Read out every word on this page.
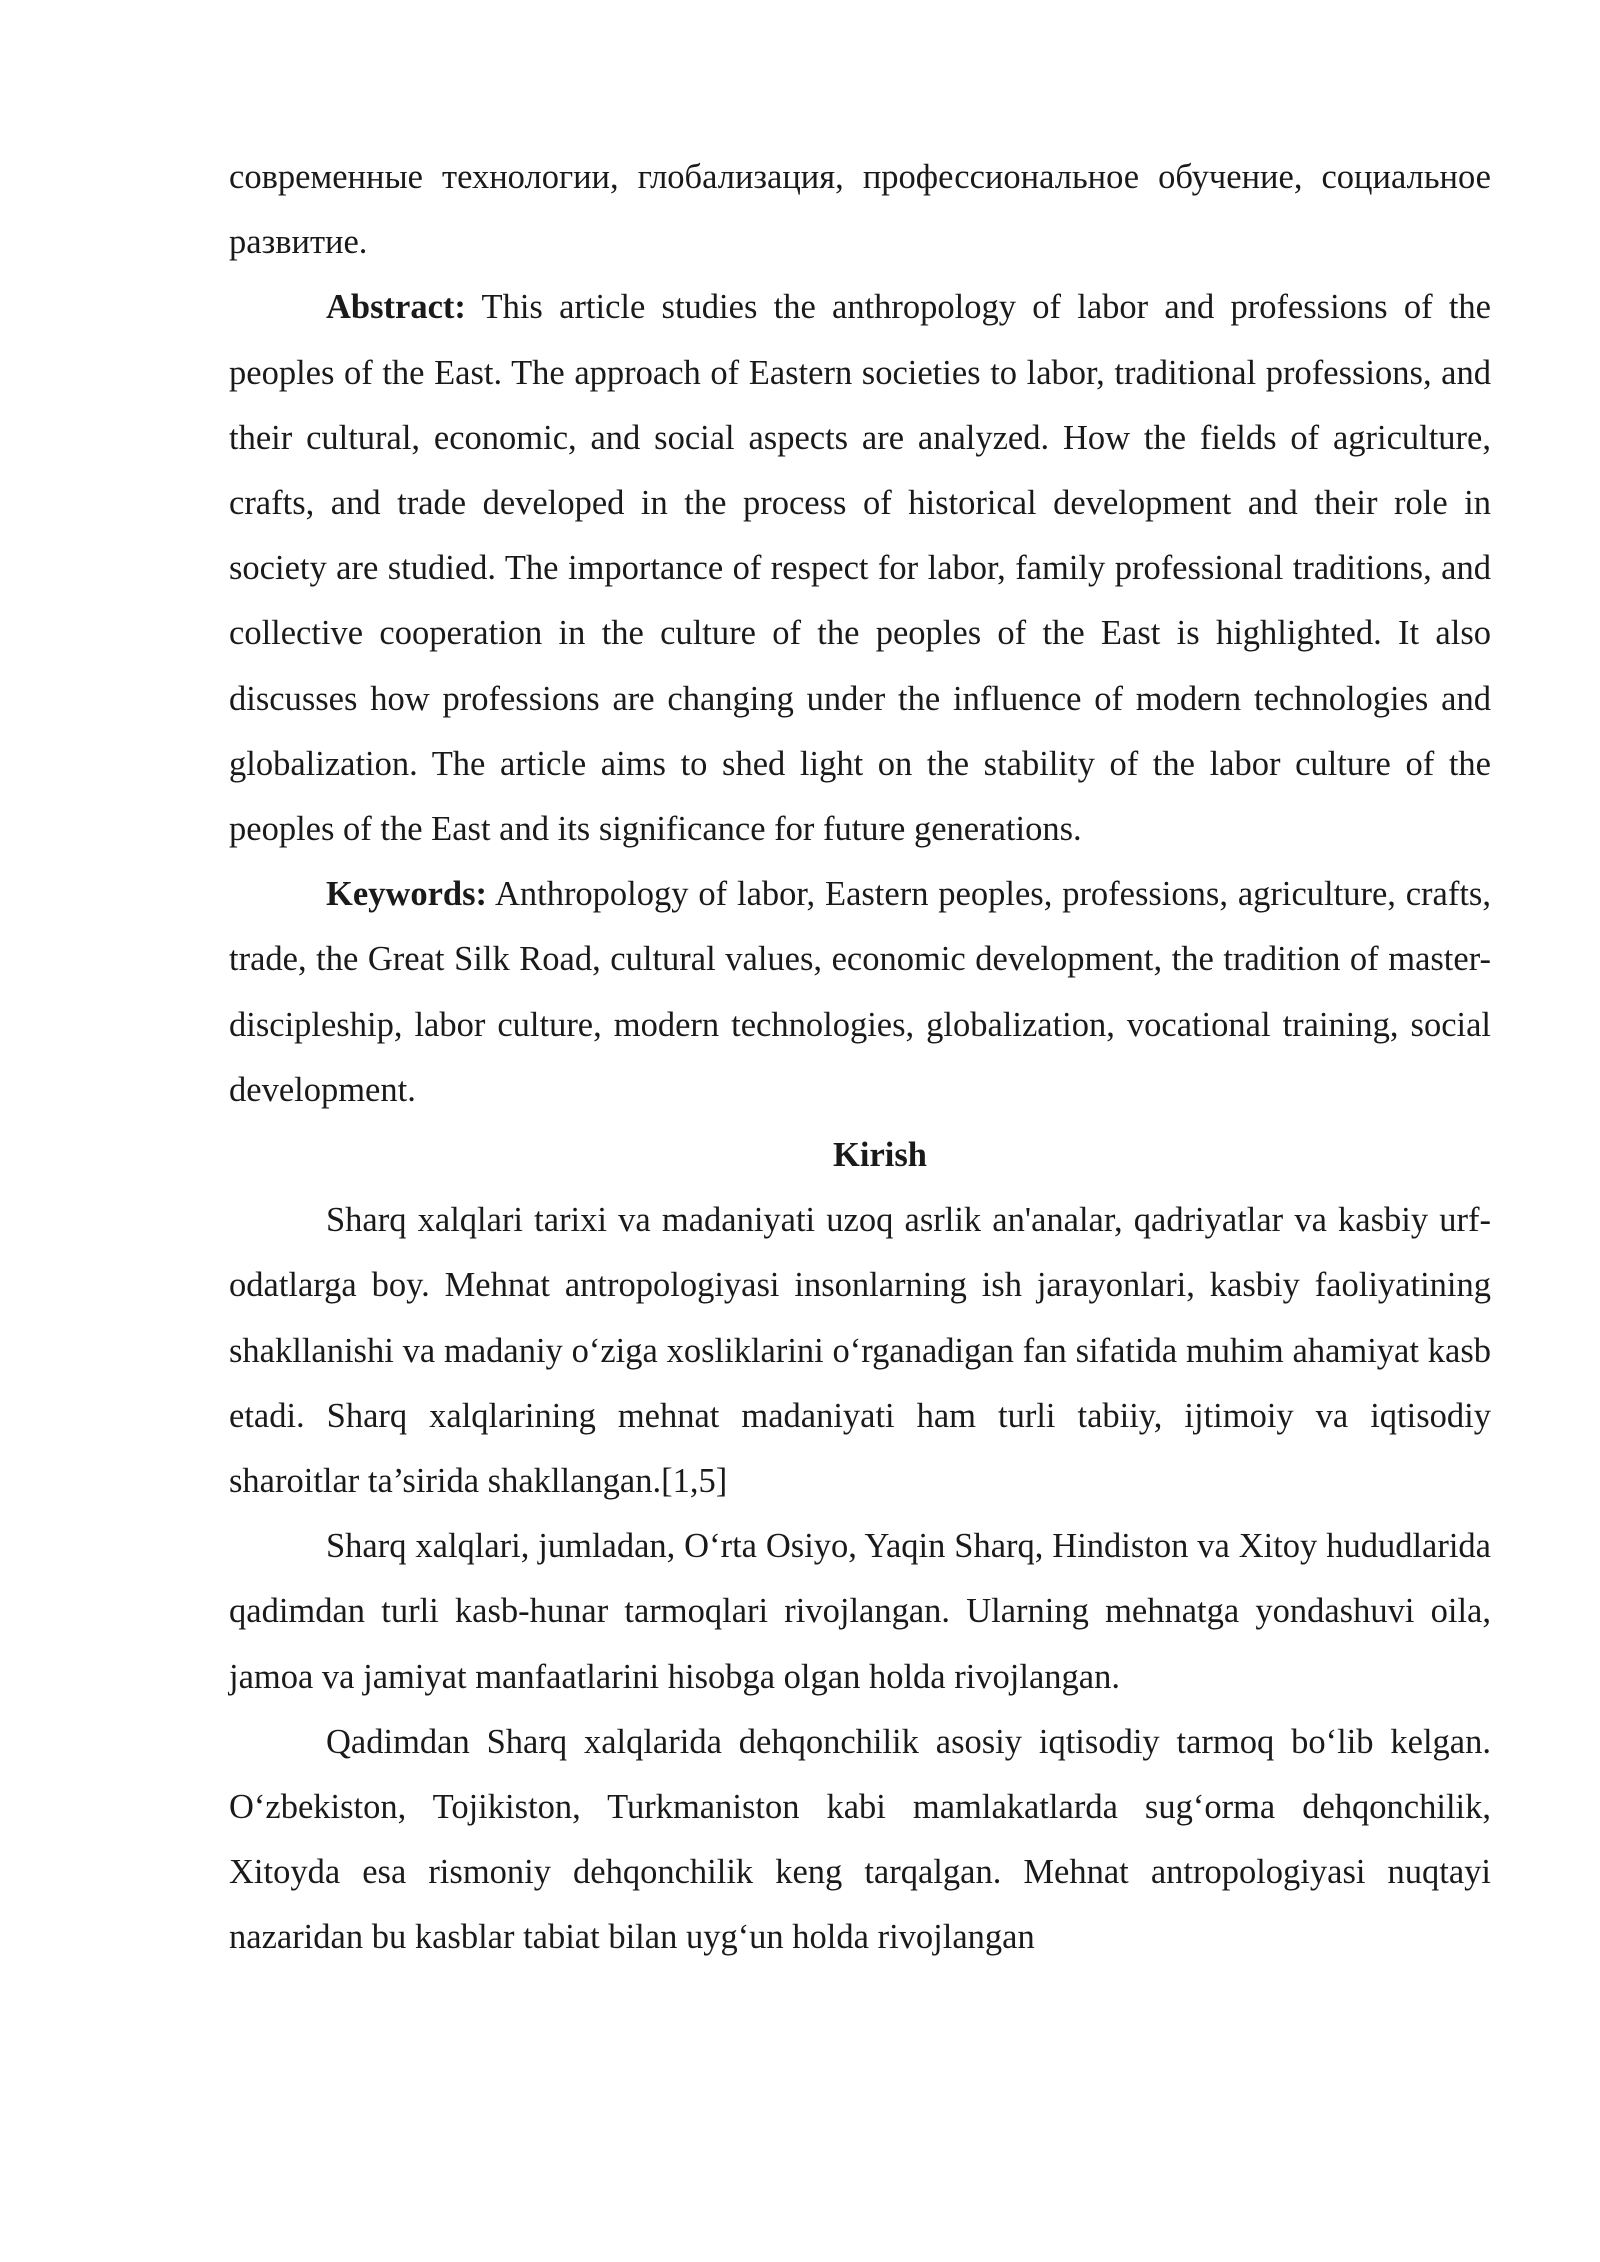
современные технологии, глобализация, профессиональное обучение, социальное развитие.

Abstract: This article studies the anthropology of labor and professions of the peoples of the East. The approach of Eastern societies to labor, traditional professions, and their cultural, economic, and social aspects are analyzed. How the fields of agriculture, crafts, and trade developed in the process of historical development and their role in society are studied. The importance of respect for labor, family professional traditions, and collective cooperation in the culture of the peoples of the East is highlighted. It also discusses how professions are changing under the influence of modern technologies and globalization. The article aims to shed light on the stability of the labor culture of the peoples of the East and its significance for future generations.

Keywords: Anthropology of labor, Eastern peoples, professions, agriculture, crafts, trade, the Great Silk Road, cultural values, economic development, the tradition of master-discipleship, labor culture, modern technologies, globalization, vocational training, social development.

Kirish

Sharq xalqlari tarixi va madaniyati uzoq asrlik an'analar, qadriyatlar va kasbiy urf-odatlarga boy. Mehnat antropologiyasi insonlarning ish jarayonlari, kasbiy faoliyatining shakllanishi va madaniy o‘ziga xosliklarini o‘rganadigan fan sifatida muhim ahamiyat kasb etadi. Sharq xalqlarining mehnat madaniyati ham turli tabiiy, ijtimoiy va iqtisodiy sharoitlar ta’sirida shakllangan.[1,5]

Sharq xalqlari, jumladan, O‘rta Osiyo, Yaqin Sharq, Hindiston va Xitoy hududlarida qadimdan turli kasb-hunar tarmoqlari rivojlangan. Ularning mehnatga yondashuvi oila, jamoa va jamiyat manfaatlarini hisobga olgan holda rivojlangan.

Qadimdan Sharq xalqlarida dehqonchilik asosiy iqtisodiy tarmoq bo‘lib kelgan. O‘zbekiston, Tojikiston, Turkmaniston kabi mamlakatlarda sug‘orma dehqonchilik, Xitoyda esa rismoniy dehqonchilik keng tarqalgan. Mehnat antropologiyasi nuqtayi nazaridan bu kasblar tabiat bilan uyg‘un holda rivojlangan
